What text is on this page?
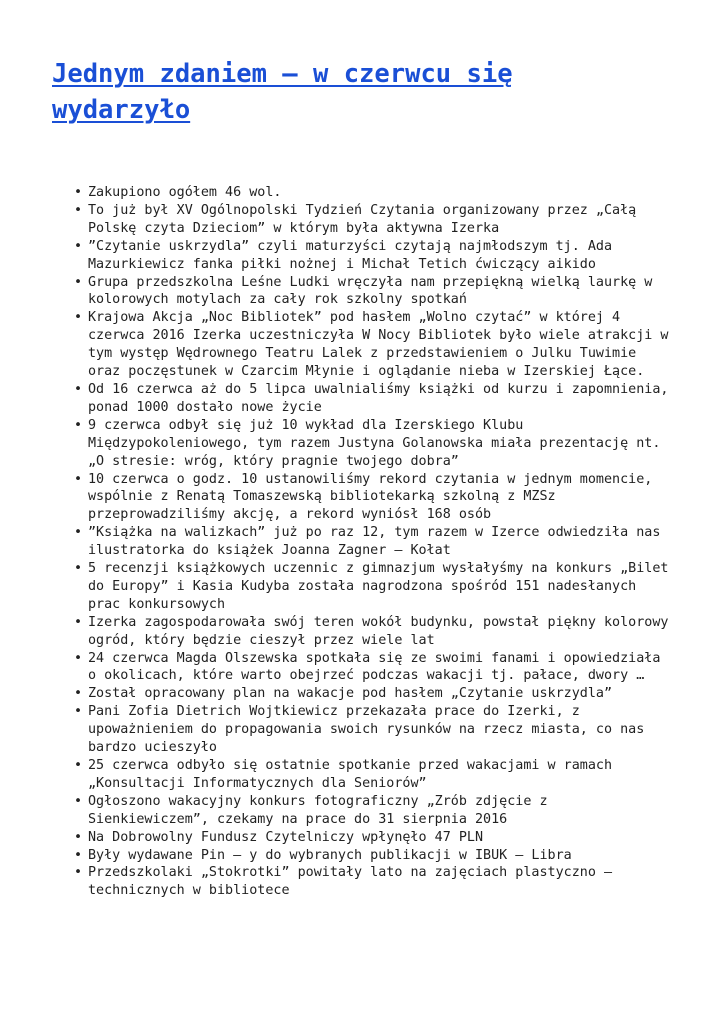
Jednym zdaniem – w czerwcu się
wydarzyło
• Zakupiono ogółem 46 wol.
• To już był XV Ogólnopolski Tydzień Czytania organizowany przez „Całą
Polskę czyta Dzieciom” w którym była aktywna Izerka
• ”Czytanie uskrzydla” czyli maturzyści czytają najmłodszym tj. Ada
Mazurkiewicz fanka piłki nożnej i Michał Tetich ćwiczący aikido
• Grupa przedszkolna Leśne Ludki wręczyła nam przepiękną wielką laurkę w
kolorowych motylach za cały rok szkolny spotkań
• Krajowa Akcja „Noc Bibliotek” pod hasłem „Wolno czytać” w której 4
czerwca 2016 Izerka uczestniczyła W Nocy Bibliotek było wiele atrakcji w
tym występ Wędrownego Teatru Lalek z przedstawieniem o Julku Tuwimie
oraz poczęstunek w Czarcim Młynie i oglądanie nieba w Izerskiej Łące.
• Od 16 czerwca aż do 5 lipca uwalnialiśmy książki od kurzu i zapomnienia,
ponad 1000 dostało nowe życie
• 9 czerwca odbył się już 10 wykład dla Izerskiego Klubu
Międzypokoleniowego, tym razem Justyna Golanowska miała prezentację nt.
„O stresie: wróg, który pragnie twojego dobra”
• 10 czerwca o godz. 10 ustanowiliśmy rekord czytania w jednym momencie,
wspólnie z Renatą Tomaszewską bibliotekarką szkolną z MZSz
przeprowadziliśmy akcję, a rekord wyniósł 168 osób
• ”Książka na walizkach” już po raz 12, tym razem w Izerce odwiedziła nas
ilustratorka do książek Joanna Zagner – Kołat
• 5 recenzji książkowych uczennic z gimnazjum wysłałyśmy na konkurs „Bilet
do Europy” i Kasia Kudyba została nagrodzona spośród 151 nadesłanych
prac konkursowych
• Izerka zagospodarowała swój teren wokół budynku, powstał piękny kolorowy
ogród, który będzie cieszył przez wiele lat
• 24 czerwca Magda Olszewska spotkała się ze swoimi fanami i opowiedziała
o okolicach, które warto obejrzeć podczas wakacji tj. pałace, dwory …
• Został opracowany plan na wakacje pod hasłem „Czytanie uskrzydla”
• Pani Zofia Dietrich Wojtkiewicz przekazała prace do Izerki, z
upoważnieniem do propagowania swoich rysunków na rzecz miasta, co nas
bardzo ucieszyło
• 25 czerwca odbyło się ostatnie spotkanie przed wakacjami w ramach
„Konsultacji Informatycznych dla Seniorów”
• Ogłoszono wakacyjny konkurs fotograficzny „Zrób zdjęcie z
Sienkiewiczem”, czekamy na prace do 31 sierpnia 2016
• Na Dobrowolny Fundusz Czytelniczy wpłynęło 47 PLN
• Były wydawane Pin – y do wybranych publikacji w IBUK – Libra
• Przedszkolaki „Stokrotki” powitały lato na zajęciach plastyczno –
technicznych w bibliotece
